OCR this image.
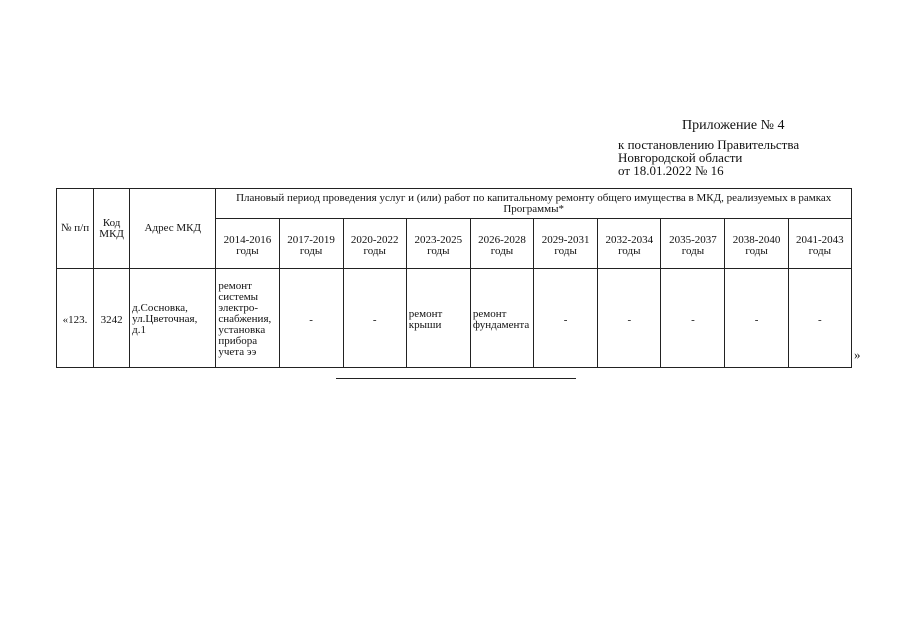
Приложение № 4
к постановлению Правительства
Новгородской области
от 18.01.2022 № 16
№ п/п	Код МКД	Адрес МКД	Плановый период проведения услуг и (или) работ по капитальному ремонту общего имущества в МКД, реализуемых в рамках Программы*									
			2014-2016 годы	2017-2019 годы	2020-2022 годы	2023-2025 годы	2026-2028 годы	2029-2031 годы	2032-2034 годы	2035-2037 годы	2038-2040 годы	2041-2043 годы
«123.	3242	д.Сосновка, ул.Цветочная, д.1	ремонт системы электро-снабжения, установка прибора учета ээ	-	-	ремонт крыши	ремонт фундамента	-	-	-	-	-
»
